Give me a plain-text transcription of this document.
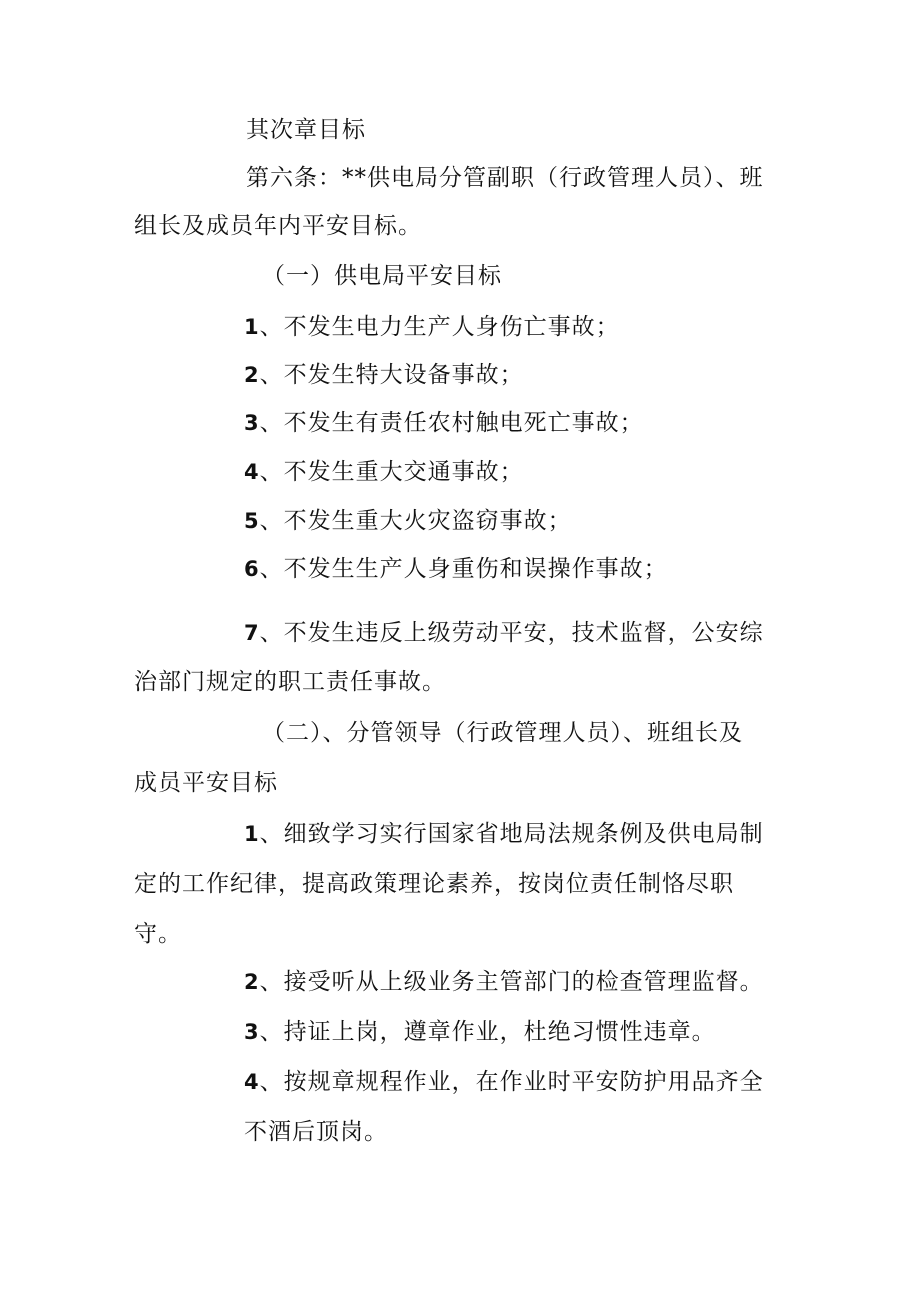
其次章目标

第六条：**供电局分管副职（行政管理人员）、班

组长及成员年内平安目标。

（一）供电局平安目标

1、不发生电力生产人身伤亡事故；

2、不发生特大设备事故；

3、不发生有责任农村触电死亡事故；

4、不发生重大交通事故；

5、不发生重大火灾盗窃事故；

6、不发生生产人身重伤和误操作事故；

7、不发生违反上级劳动平安，技术监督，公安综

治部门规定的职工责任事故。

（二）、分管领导（行政管理人员）、班组长及

成员平安目标

1、细致学习实行国家省地局法规条例及供电局制

定的工作纪律，提高政策理论素养，按岗位责任制恪尽职

守。

2、接受听从上级业务主管部门的检查管理监督。

3、持证上岗，遵章作业，杜绝习惯性违章。

4、按规章规程作业，在作业时平安防护用品齐全

不酒后顶岗。
